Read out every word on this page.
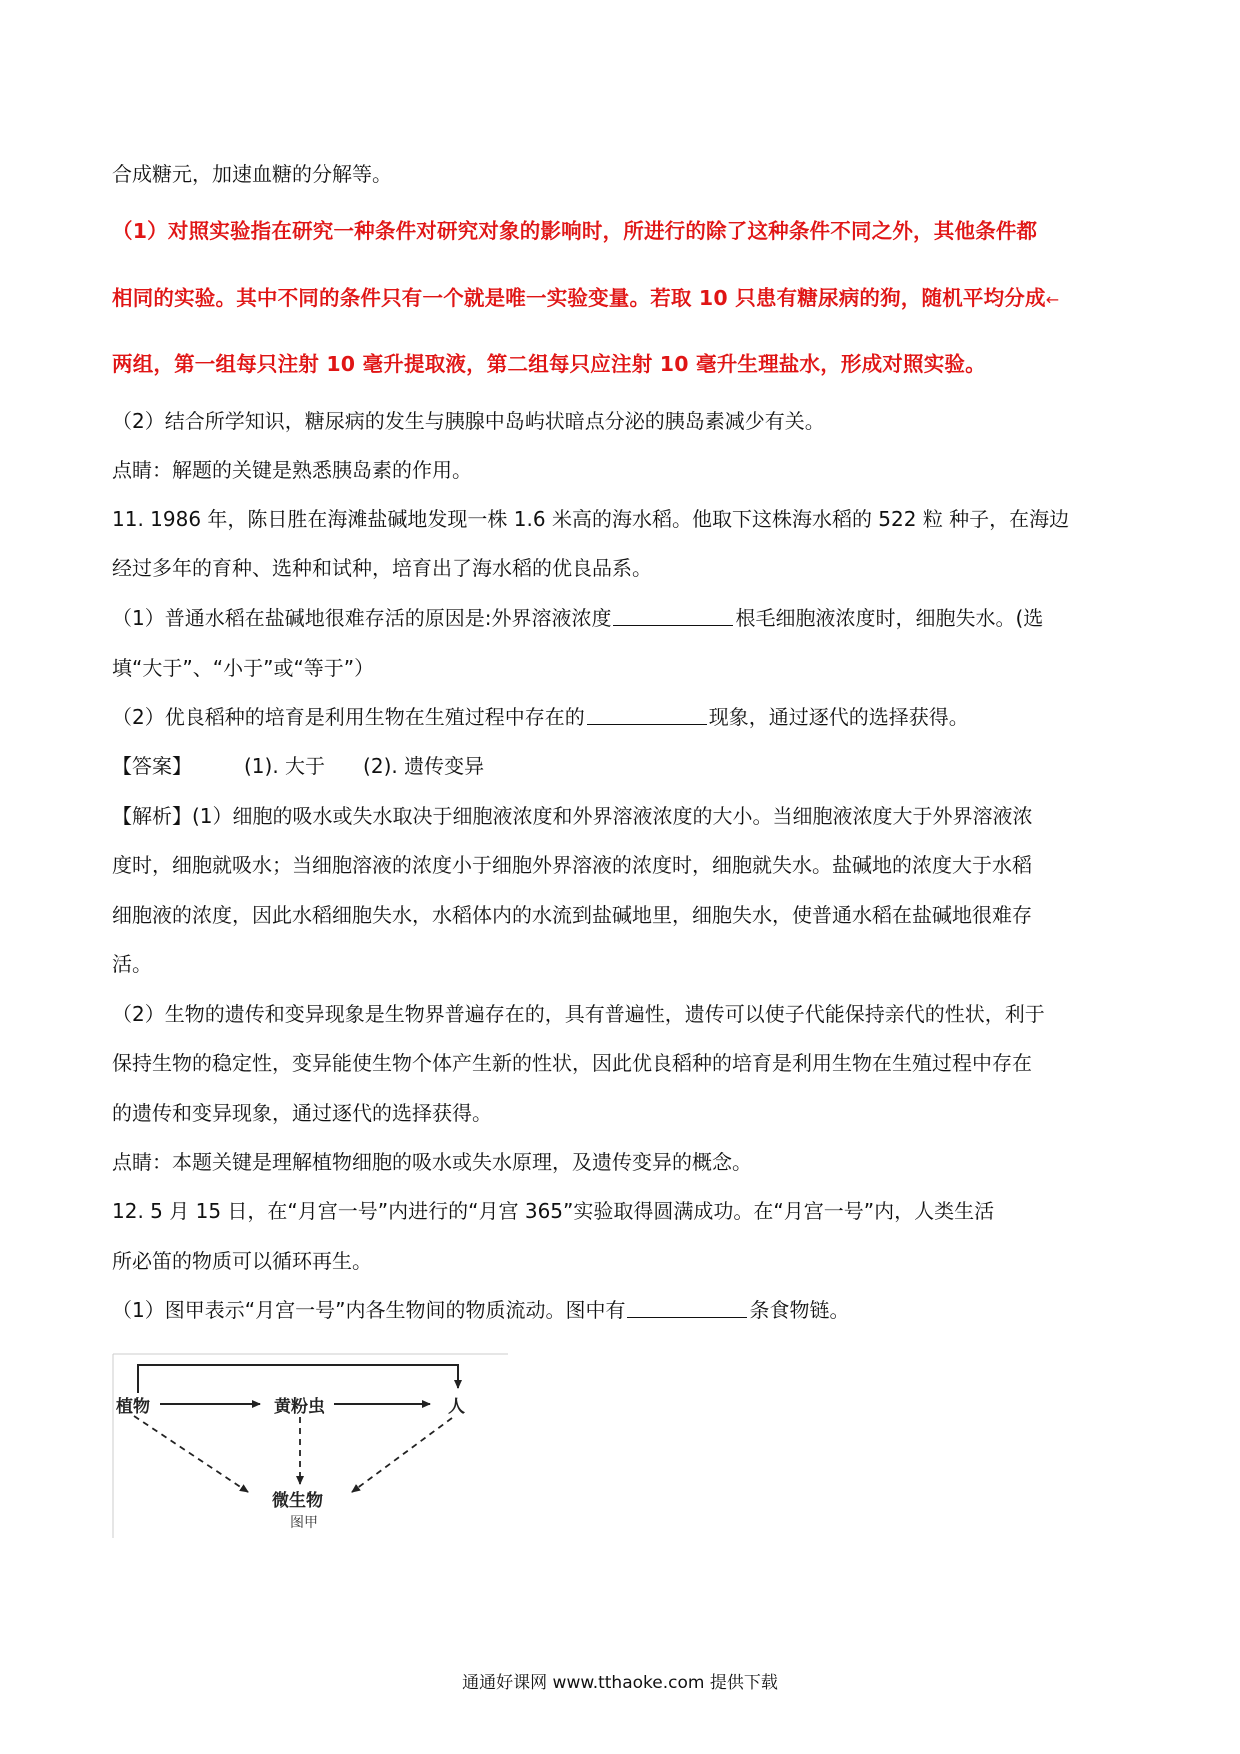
合成糖元，加速血糖的分解等。
（1）对照实验指在研究一种条件对研究对象的影响时，所进行的除了这种条件不同之外，其他条件都
相同的实验。其中不同的条件只有一个就是唯一实验变量。若取 10 只患有糖尿病的狗，随机平均分成←
两组，第一组每只注射 10 毫升提取液，第二组每只应注射 10 毫升生理盐水，形成对照实验。
（2）结合所学知识，糖尿病的发生与胰腺中岛屿状暗点分泌的胰岛素减少有关。
点睛：解题的关键是熟悉胰岛素的作用。
11. 1986 年，陈日胜在海滩盐碱地发现一株 1.6 米高的海水稻。他取下这株海水稻的 522 粒 种子，在海边
经过多年的育种、选种和试种，培育出了海水稻的优良品系。
（1）普通水稻在盐碱地很难存活的原因是:外界溶液浓度	根毛细胞液浓度时，细胞失水。(选
填“大于”、“小于”或“等于”）
（2）优良稻种的培育是利用生物在生殖过程中存在的	现象，通过逐代的选择获得。
【答案】	(1). 大于 (2). 遗传变异
【解析】(1）细胞的吸水或失水取决于细胞液浓度和外界溶液浓度的大小。当细胞液浓度大于外界溶液浓
度时，细胞就吸水；当细胞溶液的浓度小于细胞外界溶液的浓度时，细胞就失水。盐碱地的浓度大于水稻
细胞液的浓度，因此水稻细胞失水，水稻体内的水流到盐碱地里，细胞失水，使普通水稻在盐碱地很难存
活。
（2）生物的遗传和变异现象是生物界普遍存在的，具有普遍性，遗传可以使子代能保持亲代的性状，利于
保持生物的稳定性，变异能使生物个体产生新的性状，因此优良稻种的培育是利用生物在生殖过程中存在
的遗传和变异现象，通过逐代的选择获得。
点睛：本题关键是理解植物细胞的吸水或失水原理，及遗传变异的概念。
12. 5 月 15 日，在“月宫一号”内进行的“月宫 365”实验取得圆满成功。在“月宫一号”内，人类生活
所必笛的物质可以循环再生。
（1）图甲表示“月宫一号”内各生物间的物质流动。图中有	条食物链。
植物	黄粉虫	人
微生物
图甲
通通好课网 www.tthaoke.com 提供下载
